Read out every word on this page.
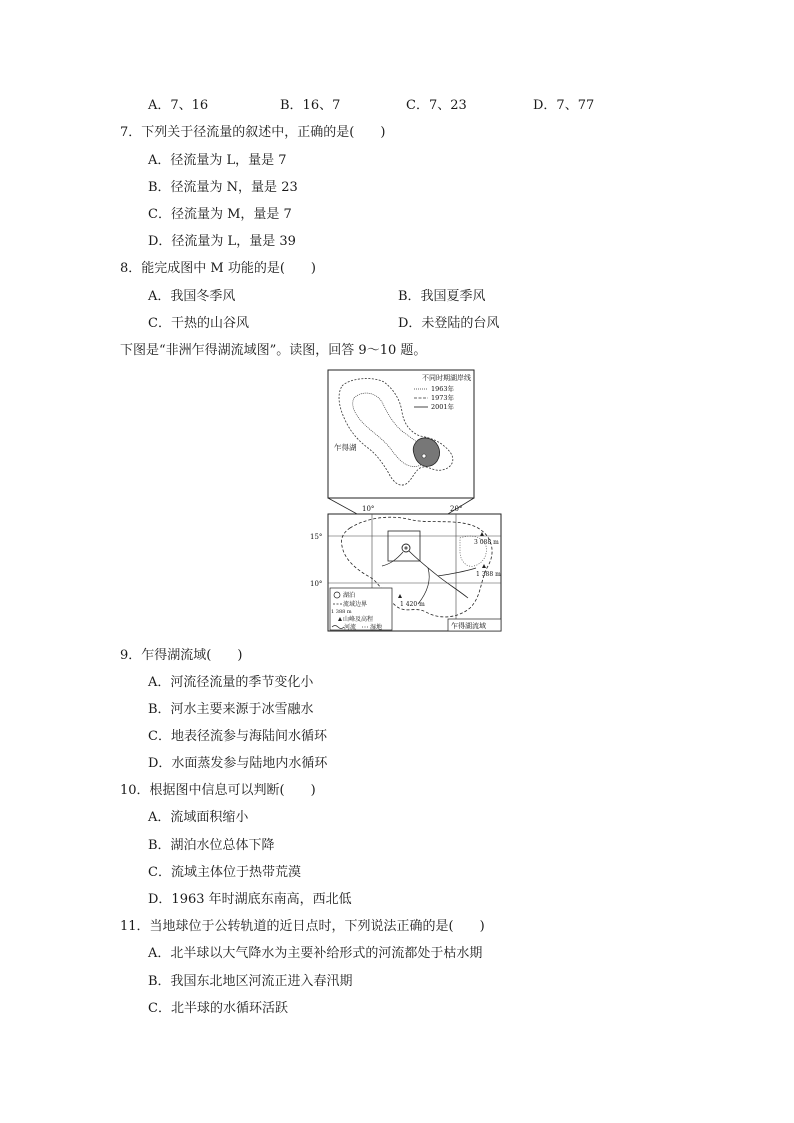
A．7、16	B．16、7	C．7、23	D．7、77
7．下列关于径流量的叙述中，正确的是(　　)
A．径流量为 L，量是 7
B．径流量为 N，量是 23
C．径流量为 M，量是 7
D．径流量为 L，量是 39
8．能完成图中 M 功能的是(　　)
A．我国冬季风	B．我国夏季风
C．干热的山谷风	D．未登陆的台风
下图是“非洲乍得湖流域图”。读图，回答 9～10 题。
不同时期湖岸线
1963年
1973年
2001年
乍得湖
10°	20°
15°
10°
3 088 m
1 388 m
1 420 m
湖泊
流域边界
1 388 m
山峰及高程
河流 湿地	乍得湖流域
9．乍得湖流域(　　)
A．河流径流量的季节变化小
B．河水主要来源于冰雪融水
C．地表径流参与海陆间水循环
D．水面蒸发参与陆地内水循环
10．根据图中信息可以判断(　　)
A．流域面积缩小
B．湖泊水位总体下降
C．流域主体位于热带荒漠
D．1963 年时湖底东南高，西北低
11．当地球位于公转轨道的近日点时，下列说法正确的是(　　)
A．北半球以大气降水为主要补给形式的河流都处于枯水期
B．我国东北地区河流正进入春汛期
C．北半球的水循环活跃
